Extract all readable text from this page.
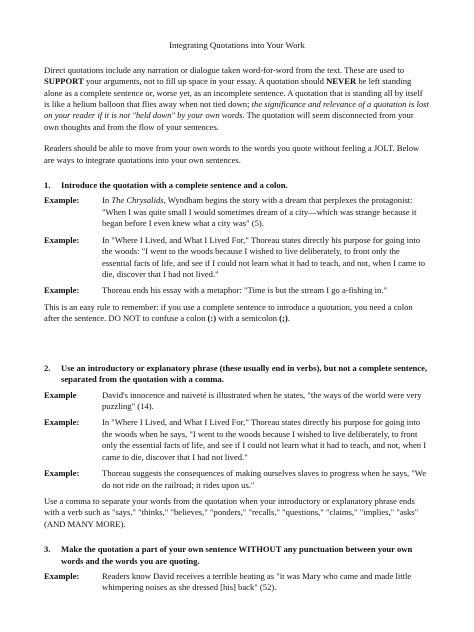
Integrating Quotations into Your Work

Direct quotations include any narration or dialogue taken word-for-word from the text. These are used to SUPPORT your arguments, not to fill up space in your essay. A quotation should NEVER be left standing alone as a complete sentence or, worse yet, as an incomplete sentence. A quotation that is standing all by itself is like a helium balloon that flies away when not tied down; the significance and relevance of a quotation is lost on your reader if it is not "held down" by your own words. The quotation will seem disconnected from your own thoughts and from the flow of your sentences.

Readers should be able to move from your own words to the words you quote without feeling a JOLT. Below are ways to integrate quotations into your own sentences.

1.	Introduce the quotation with a complete sentence and a colon.
Example:	In The Chrysalids, Wyndham begins the story with a dream that perplexes the protagonist: "When I was quite small I would sometimes dream of a city—which was strange because it began before I even knew what a city was" (5).
Example:	In "Where I Lived, and What I Lived For," Thoreau states directly his purpose for going into the woods: "I went to the woods because I wished to live deliberately, to front only the essential facts of life, and see if I could not learn what it had to teach, and not, when I came to die, discover that I had not lived."
Example:	Thoreau ends his essay with a metaphor: "Time is but the stream I go a-fishing in."

This is an easy rule to remember: if you use a complete sentence to introduce a quotation, you need a colon after the sentence. DO NOT to confuse a colon (:) with a semicolon (;).

2.	Use an introductory or explanatory phrase (these usually end in verbs), but not a complete sentence, separated from the quotation with a comma.
Example	David's innocence and naiveté is illustrated when he states, "the ways of the world were very puzzling" (14).
Example:	In "Where I Lived, and What I Lived For," Thoreau states directly his purpose for going into the woods when he says, "I went to the woods because I wished to live deliberately, to front only the essential facts of life, and see if I could not learn what it had to teach, and not, when I came to die, discover that I had not lived."
Example:	Thoreau suggests the consequences of making ourselves slaves to progress when he says, "We do not ride on the railroad; it rides upon us."

Use a comma to separate your words from the quotation when your introductory or explanatory phrase ends with a verb such as "says," "thinks," "believes," "ponders," "recalls," "questions," "claims," "implies," "asks" (AND MANY MORE).

3.	Make the quotation a part of your own sentence WITHOUT any punctuation between your own words and the words you are quoting.
Example:	Readers know David receives a terrible beating as "it was Mary who came and made little whimpering noises as she dressed [his] back" (52).
